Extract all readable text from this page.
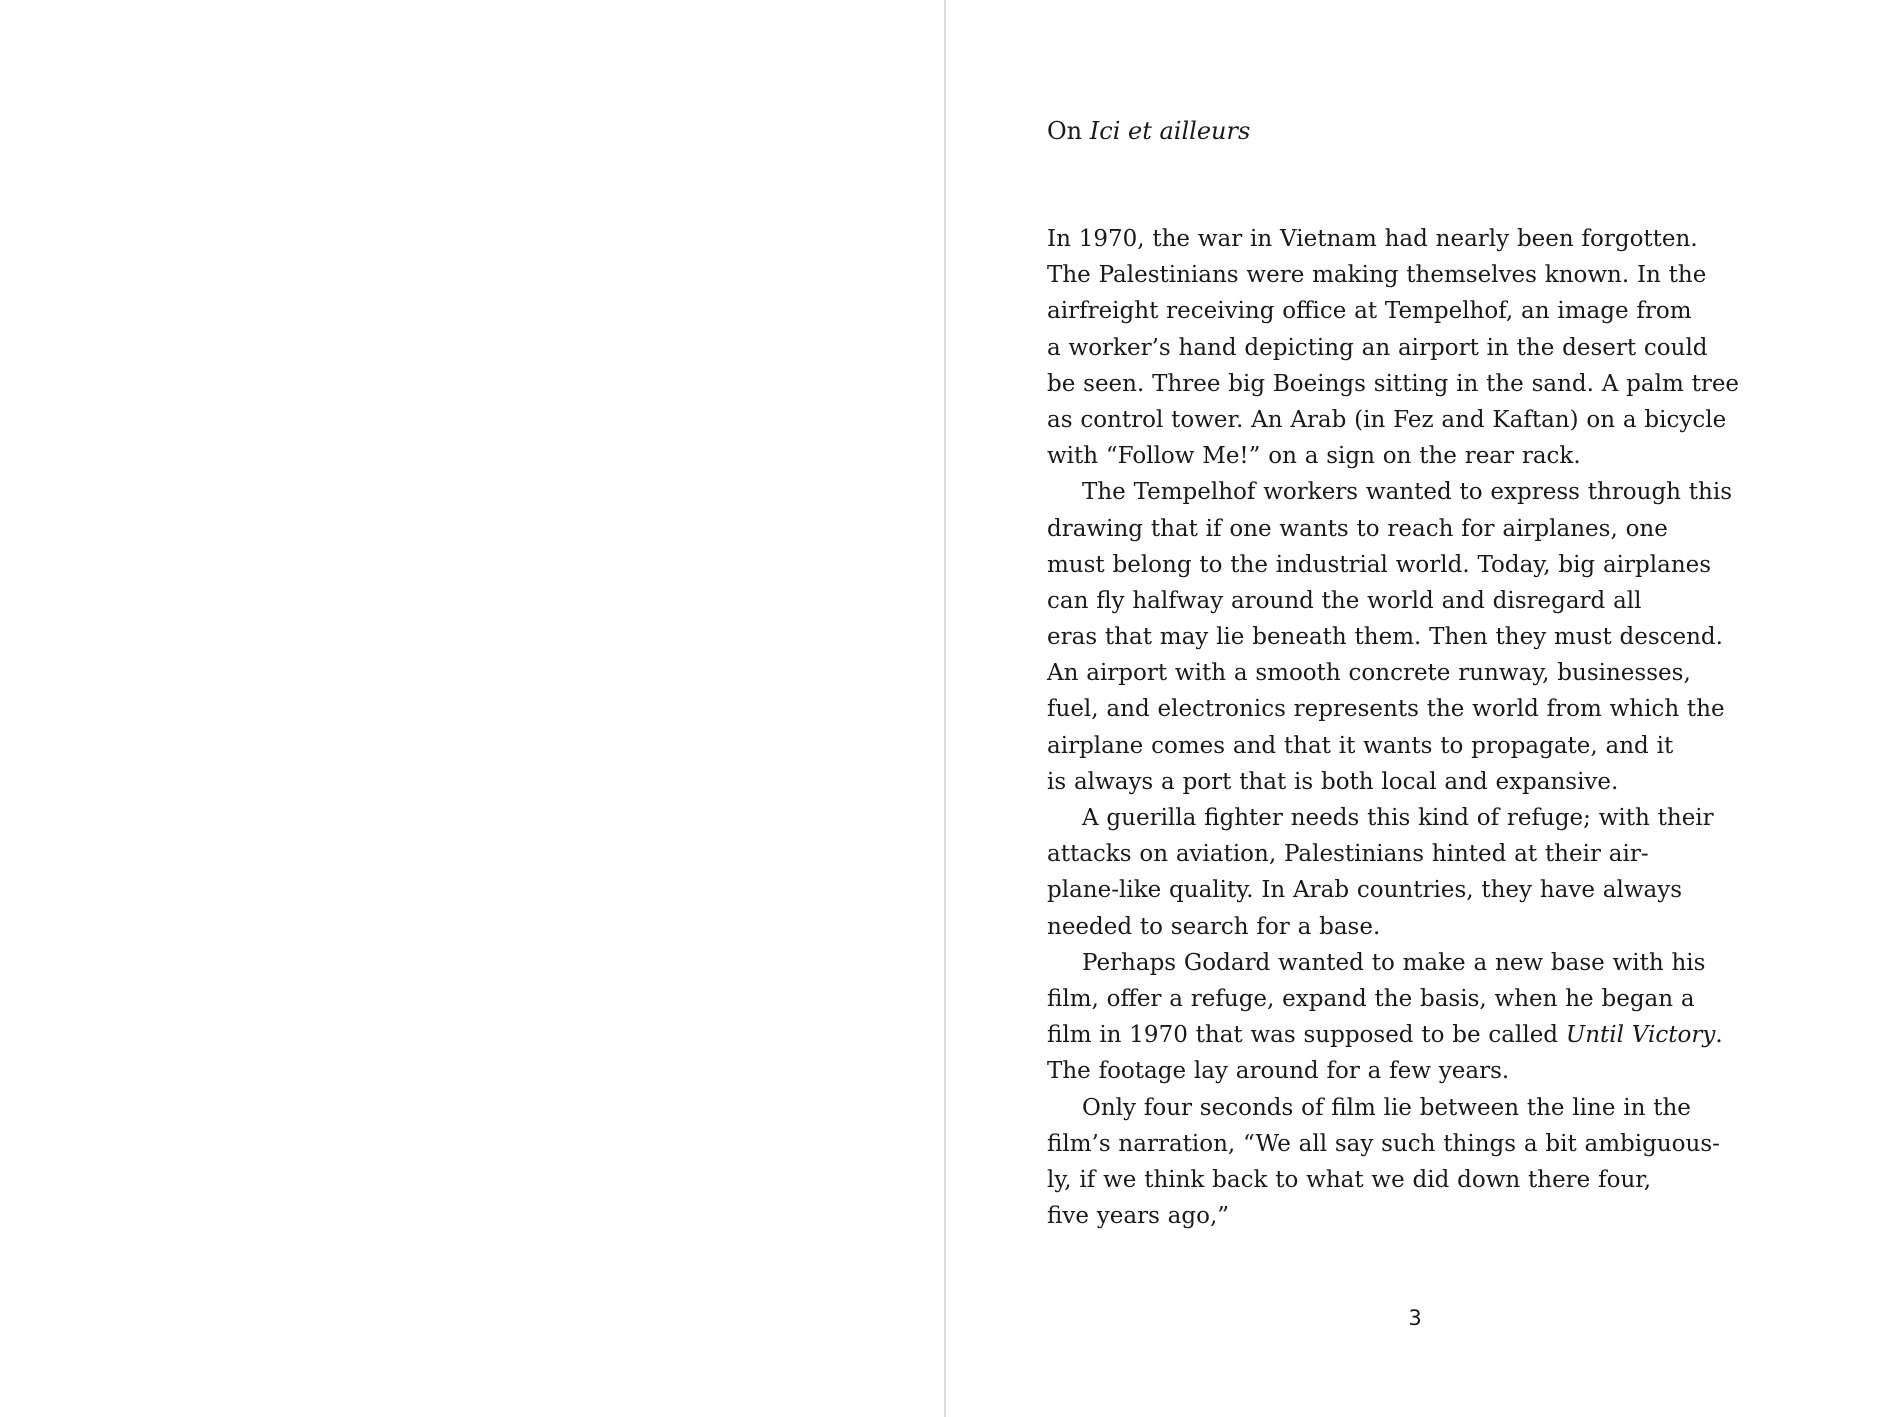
On Ici et ailleurs
In 1970, the war in Vietnam had nearly been forgotten.
The Palestinians were making themselves known. In the
airfreight receiving office at Tempelhof, an image from
a worker’s hand depicting an airport in the desert could
be seen. Three big Boeings sitting in the sand. A palm tree
as control tower. An Arab (in Fez and Kaftan) on a bicycle
with “Follow Me!” on a sign on the rear rack.
The Tempelhof workers wanted to express through this
drawing that if one wants to reach for airplanes, one
must belong to the industrial world. Today, big airplanes
can fly halfway around the world and disregard all
eras that may lie beneath them. Then they must descend.
An airport with a smooth concrete runway, businesses,
fuel, and electronics represents the world from which the
airplane comes and that it wants to propagate, and it
is always a port that is both local and expansive.
A guerilla fighter needs this kind of refuge; with their
attacks on aviation, Palestinians hinted at their air-
plane-like quality. In Arab countries, they have always
needed to search for a base.
Perhaps Godard wanted to make a new base with his
film, offer a refuge, expand the basis, when he began a
film in 1970 that was supposed to be called Until Victory.
The footage lay around for a few years.
Only four seconds of film lie between the line in the
film’s narration, “We all say such things a bit ambiguous-
ly, if we think back to what we did down there four,
five years ago,”
3
